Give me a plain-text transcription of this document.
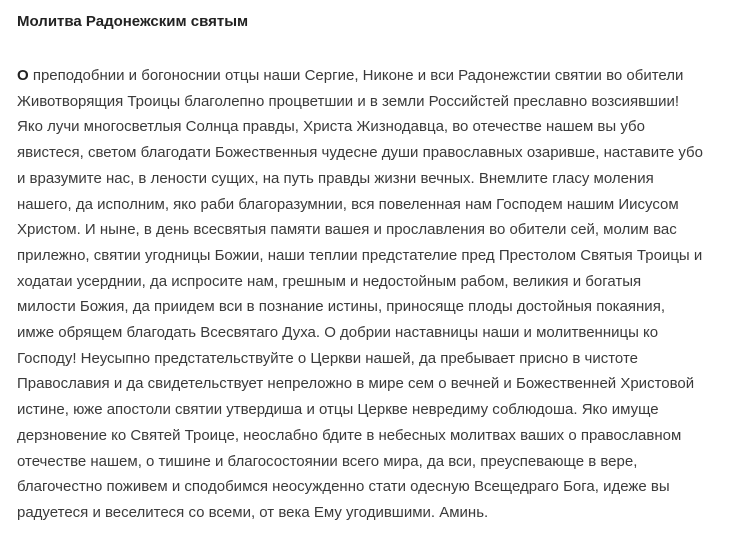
Молитва Радонежским святым
О преподобнии и богоноснии отцы наши Сергие, Никоне и вси Радонежстии святии во обители
Животворящия Троицы благолепно процветшии и в земли Российстей преславно возсиявшии!
Яко лучи многосветлыя Солнца правды, Христа Жизнодавца, во отечестве нашем вы убо
явистеся, светом благодати Божественныя чудесне души православных озаривше, наставите убо
и вразумите нас, в лености сущих, на путь правды жизни вечных. Внемлите гласу моления
нашего, да исполним, яко раби благоразумнии, вся повеленная нам Господем нашим Иисусом
Христом. И ныне, в день всесвятыя памяти вашея и прославления во обители сей, молим вас
прилежно, святии угодницы Божии, наши теплии предстателие пред Престолом Святыя Троицы и
ходатаи усерднии, да испросите нам, грешным и недостойным рабом, великия и богатыя
милости Божия, да приидем вси в познание истины, приносяще плоды достойныя покаяния,
имже обрящем благодать Всесвятаго Духа. О добрии наставницы наши и молитвенницы ко
Господу! Неусыпно предстательствуйте о Церкви нашей, да пребывает присно в чистоте
Православия и да свидетельствует непреложно в мире сем о вечней и Божественней Христовой
истине, юже апостоли святии утвердиша и отцы Церкве невредиму соблюдоша. Яко имуще
дерзновение ко Святей Троице, неослабно бдите в небесных молитвах ваших о православном
отечестве нашем, о тишине и благосостоянии всего мира, да вси, преуспевающе в вере,
благочестно поживем и сподобимся неосужденно стати одесную Всещедраго Бога, идеже вы
радуетеся и веселитеся со всеми, от века Ему угодившими. Аминь.
